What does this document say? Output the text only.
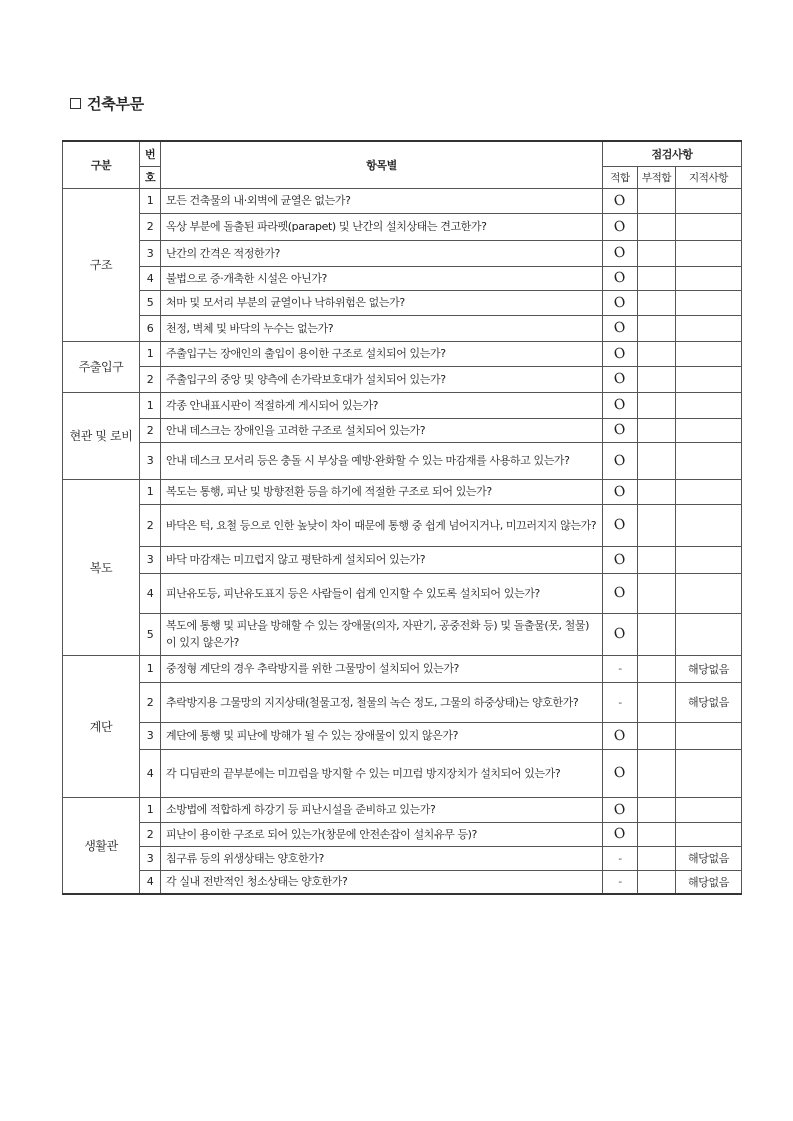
건축부문
구분	번	항목별	점검사항		
	호		적합	부적합	지적사항
구조	1	모든 건축물의 내·외벽에 균열은 없는가?	O		
	2	옥상 부분에 돌출된 파라펫(parapet) 및 난간의 설치상태는 견고한가?	O		
	3	난간의 간격은 적정한가?	O		
	4	불법으로 증·개축한 시설은 아닌가?	O		
	5	처마 및 모서리 부분의 균열이나 낙하위험은 없는가?	O		
	6	천정, 벽체 및 바닥의 누수는 없는가?	O		
주출입구	1	주출입구는 장애인의 출입이 용이한 구조로 설치되어 있는가?	O		
	2	주출입구의 중앙 및 양측에 손가락보호대가 설치되어 있는가?	O		
현관 및 로비	1	각종 안내표시판이 적절하게 게시되어 있는가?	O		
	2	안내 데스크는 장애인을 고려한 구조로 설치되어 있는가?	O		
	3	안내 데스크 모서리 등은 충돌 시 부상을 예방·완화할 수 있는 마감재를 사용하고 있는가?	O		
복도	1	복도는 통행, 피난 및 방향전환 등을 하기에 적절한 구조로 되어 있는가?	O		
	2	바닥은 턱, 요철 등으로 인한 높낮이 차이 때문에 통행 중 쉽게 넘어지거나, 미끄러지지 않는가?	O		
	3	바닥 마감재는 미끄럽지 않고 평탄하게 설치되어 있는가?	O		
	4	피난유도등, 피난유도표지 등은 사람들이 쉽게 인지할 수 있도록 설치되어 있는가?	O		
	5	복도에 통행 및 피난을 방해할 수 있는 장애물(의자, 자판기, 공중전화 등) 및 돌출물(못, 철물)이 있지 않은가?	O		
계단	1	중정형 계단의 경우 추락방지를 위한 그물망이 설치되어 있는가?	-		해당없음
	2	추락방지용 그물망의 지지상태(철물고정, 철물의 녹슨 정도, 그물의 하중상태)는 양호한가?	-		해당없음
	3	계단에 통행 및 피난에 방해가 될 수 있는 장애물이 있지 않은가?	O		
	4	각 디딤판의 끝부분에는 미끄럼을 방지할 수 있는 미끄럼 방지장치가 설치되어 있는가?	O		
생활관	1	소방법에 적합하게 하강기 등 피난시설을 준비하고 있는가?	O		
	2	피난이 용이한 구조로 되어 있는가(창문에 안전손잡이 설치유무 등)?	O		
	3	침구류 등의 위생상태는 양호한가?	-		해당없음
	4	각 실내 전반적인 청소상태는 양호한가?	-		해당없음
